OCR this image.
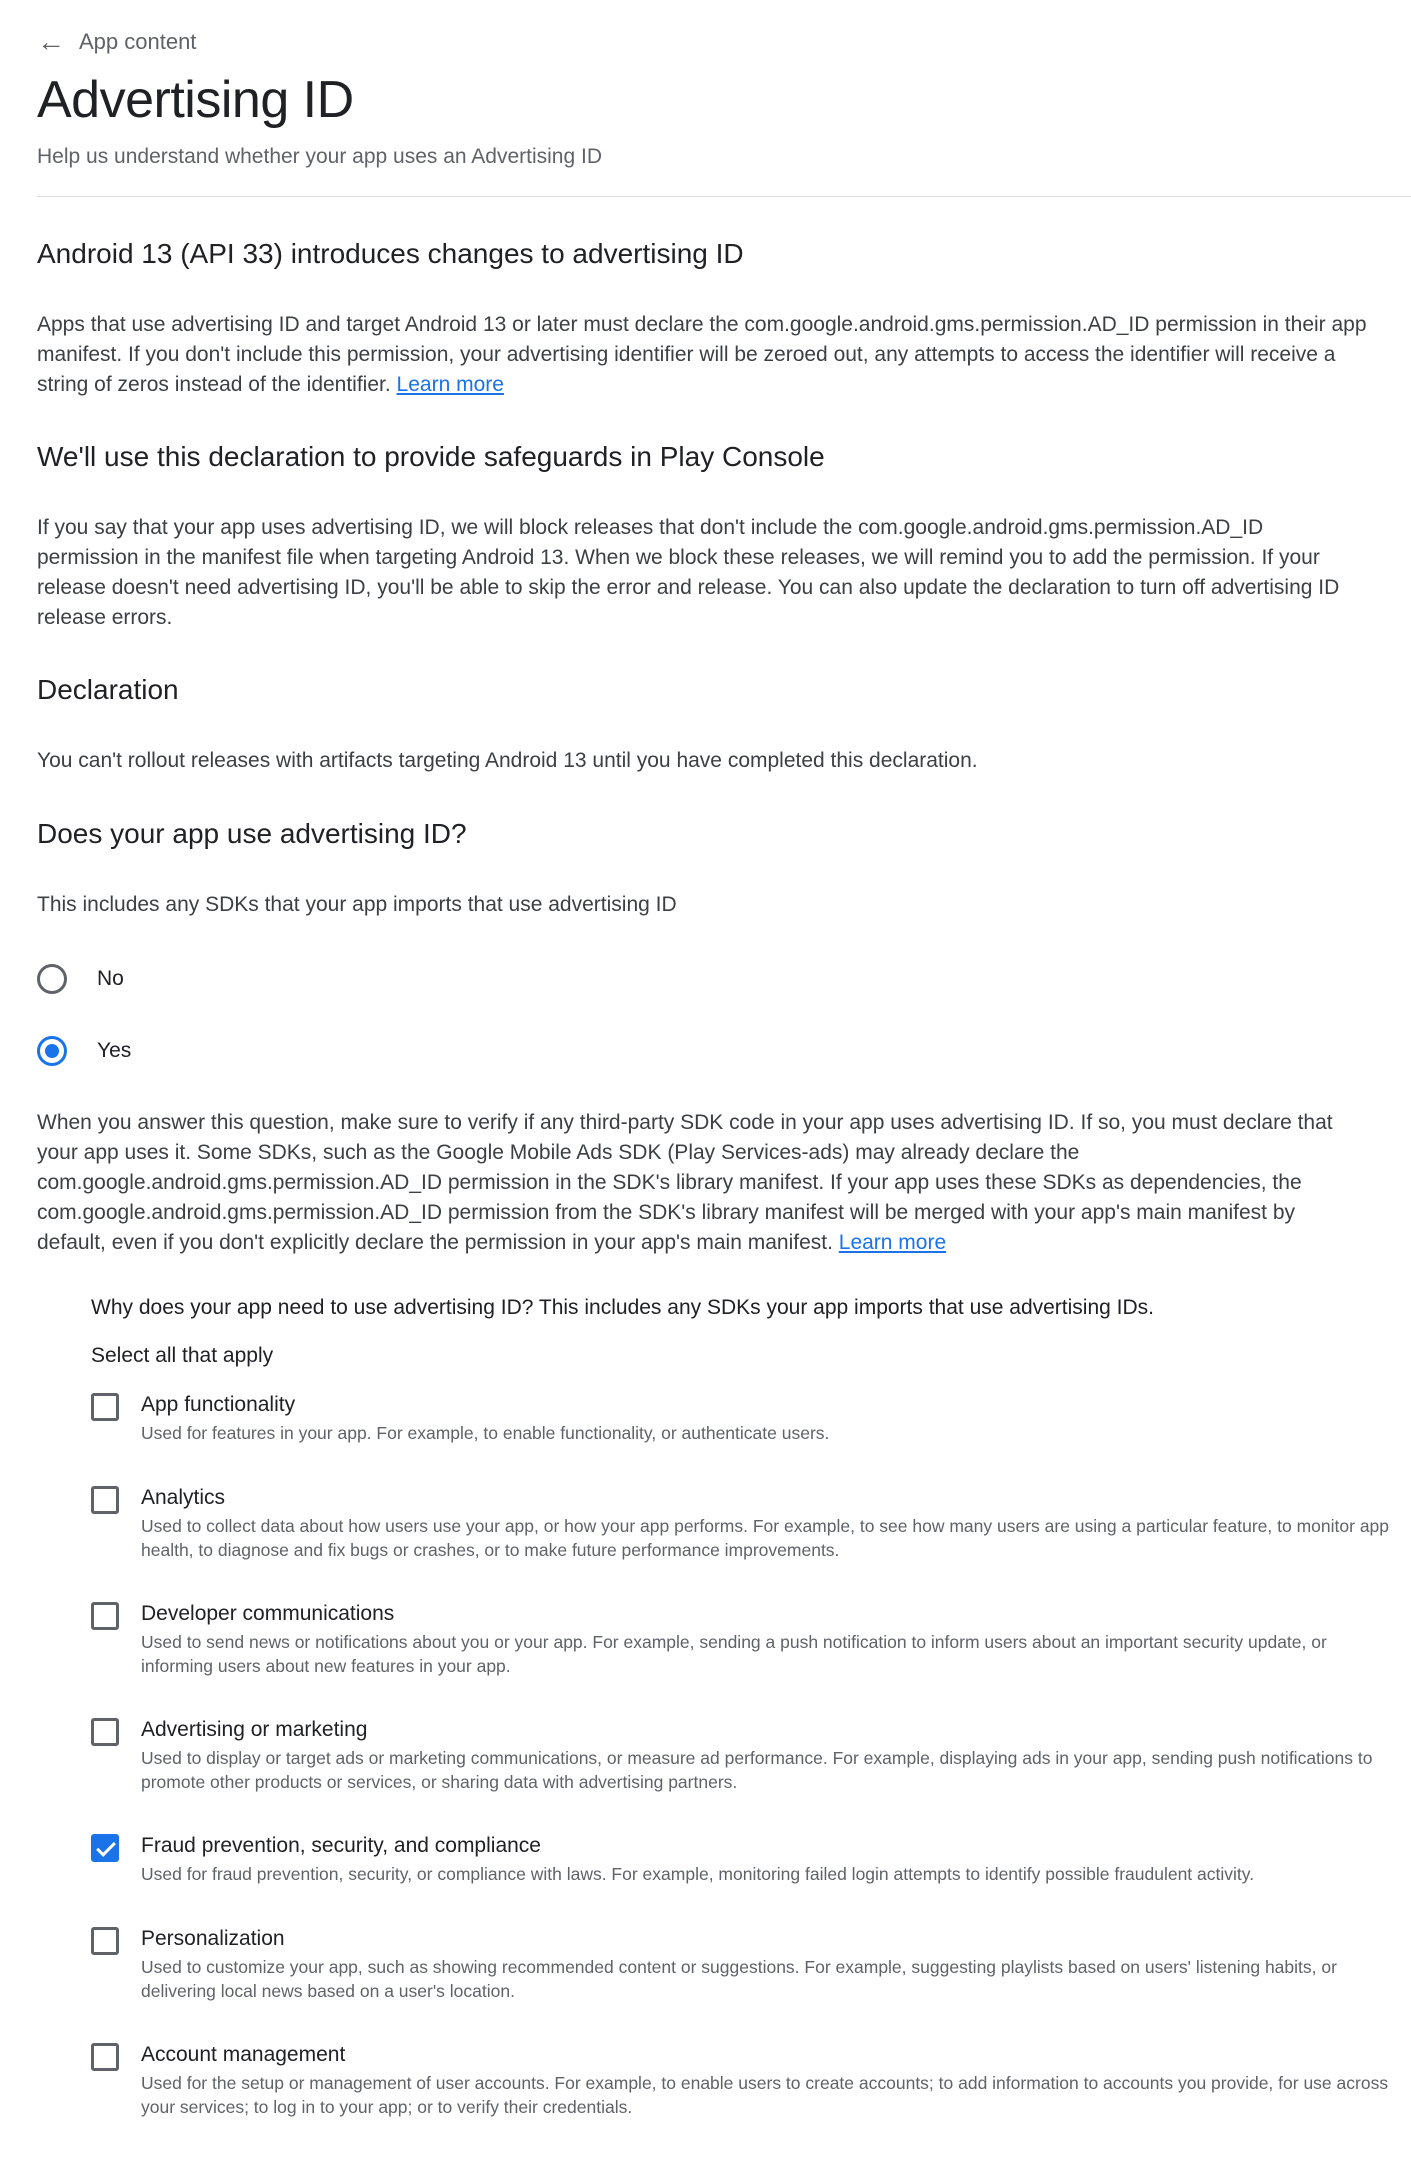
← App content
Advertising ID

Help us understand whether your app uses an Advertising ID

Android 13 (API 33) introduces changes to advertising ID

Apps that use advertising ID and target Android 13 or later must declare the com.google.android.gms.permission.AD_ID permission in their app manifest. If you don't include this permission, your advertising identifier will be zeroed out, any attempts to access the identifier will receive a string of zeros instead of the identifier. Learn more

We'll use this declaration to provide safeguards in Play Console

If you say that your app uses advertising ID, we will block releases that don't include the com.google.android.gms.permission.AD_ID permission in the manifest file when targeting Android 13. When we block these releases, we will remind you to add the permission. If your release doesn't need advertising ID, you'll be able to skip the error and release. You can also update the declaration to turn off advertising ID release errors.

Declaration

You can't rollout releases with artifacts targeting Android 13 until you have completed this declaration.

Does your app use advertising ID?

This includes any SDKs that your app imports that use advertising ID

No
Yes

When you answer this question, make sure to verify if any third-party SDK code in your app uses advertising ID. If so, you must declare that your app uses it. Some SDKs, such as the Google Mobile Ads SDK (Play Services-ads) may already declare the com.google.android.gms.permission.AD_ID permission in the SDK's library manifest. If your app uses these SDKs as dependencies, the com.google.android.gms.permission.AD_ID permission from the SDK's library manifest will be merged with your app's main manifest by default, even if you don't explicitly declare the permission in your app's main manifest. Learn more

Why does your app need to use advertising ID? This includes any SDKs your app imports that use advertising IDs.

Select all that apply

App functionality
Used for features in your app. For example, to enable functionality, or authenticate users.
Analytics
Used to collect data about how users use your app, or how your app performs. For example, to see how many users are using a particular feature, to monitor app health, to diagnose and fix bugs or crashes, or to make future performance improvements.
Developer communications
Used to send news or notifications about you or your app. For example, sending a push notification to inform users about an important security update, or informing users about new features in your app.
Advertising or marketing
Used to display or target ads or marketing communications, or measure ad performance. For example, displaying ads in your app, sending push notifications to promote other products or services, or sharing data with advertising partners.
Fraud prevention, security, and compliance
Used for fraud prevention, security, or compliance with laws. For example, monitoring failed login attempts to identify possible fraudulent activity.
Personalization
Used to customize your app, such as showing recommended content or suggestions. For example, suggesting playlists based on users' listening habits, or delivering local news based on a user's location.
Account management
Used for the setup or management of user accounts. For example, to enable users to create accounts; to add information to accounts you provide, for use across your services; to log in to your app; or to verify their credentials.
